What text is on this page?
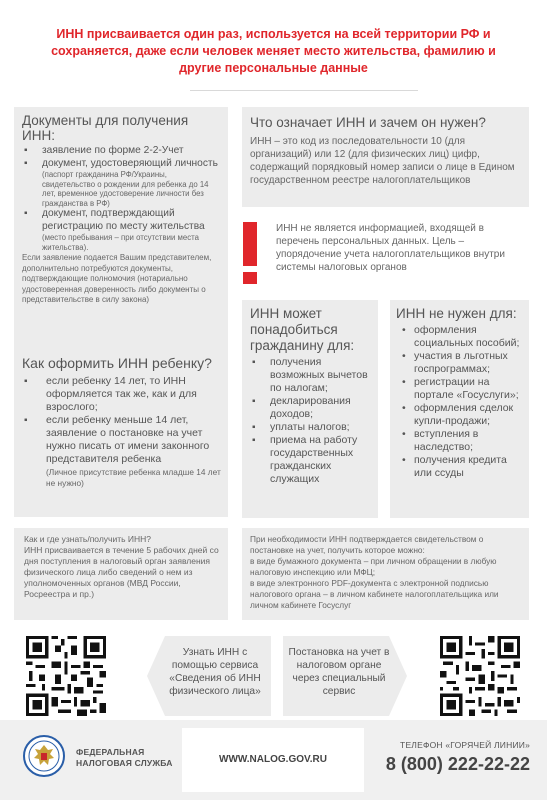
ИНН присваивается один раз, используется на всей территории РФ и сохраняется, даже если человек меняет место жительства, фамилию и другие персональные данные
Документы для получения ИНН:
▪ заявление по форме 2-2-Учет
▪ документ, удостоверяющий личность
(паспорт гражданина РФ/Украины, свидетельство о рождении для ребенка до 14 лет, временное удостоверение личности без гражданства в РФ)
▪ документ, подтверждающий регистрацию по месту жительства
(место пребывания – при отсутствии места жительства).
Если заявление подается Вашим представителем, дополнительно потребуются документы, подтверждающие полномочия (нотариально удостоверенная доверенность либо документы о представительстве в силу закона)
Что означает ИНН и зачем он нужен?
ИНН – это код из последовательности 10 (для организаций) или 12 (для физических лиц) цифр, содержащий порядковый номер записи о лице в Едином государственном реестре налогоплательщиков
ИНН не является информацией, входящей в перечень персональных данных. Цель – упорядочение учета налогоплательщиков внутри системы налоговых органов
Как оформить ИНН ребенку?
▪ если ребенку 14 лет, то ИНН оформляется так же, как и для взрослого;
▪ если ребенку меньше 14 лет, заявление о постановке на учет нужно писать от имени законного представителя ребенка
(Личное присутствие ребенка младше 14 лет не нужно)
ИНН может понадобиться гражданину для:
▪ получения возможных вычетов по налогам;
▪ декларирования доходов;
▪ уплаты налогов;
▪ приема на работу государственных гражданских служащих
ИНН не нужен для:
• оформления социальных пособий;
• участия в льготных госпрограммах;
• регистрации на портале «Госуслуги»;
• оформления сделок купли-продажи;
• вступления в наследство;
• получения кредита или ссуды
Как и где узнать/получить ИНН?
ИНН присваивается в течение 5 рабочих дней со дня поступления в налоговый орган заявления физического лица либо сведений о нем из уполномоченных органов (МВД России, Росреестра и пр.)
При необходимости ИНН подтверждается свидетельством о постановке на учет, получить которое можно:
в виде бумажного документа – при личном обращении в любую налоговую инспекцию или МФЦ;
в виде электронного PDF-документа с электронной подписью налогового органа – в личном кабинете налогоплательщика или личном кабинете Госуслуг
Узнать ИНН с помощью сервиса «Сведения об ИНН физического лица»
Постановка на учет в налоговом органе через специальный сервис
ФЕДЕРАЛЬНАЯ
НАЛОГОВАЯ СЛУЖБА	WWW.NALOG.GOV.RU
ТЕЛЕФОН «ГОРЯЧЕЙ ЛИНИИ»
8 (800) 222-22-22
